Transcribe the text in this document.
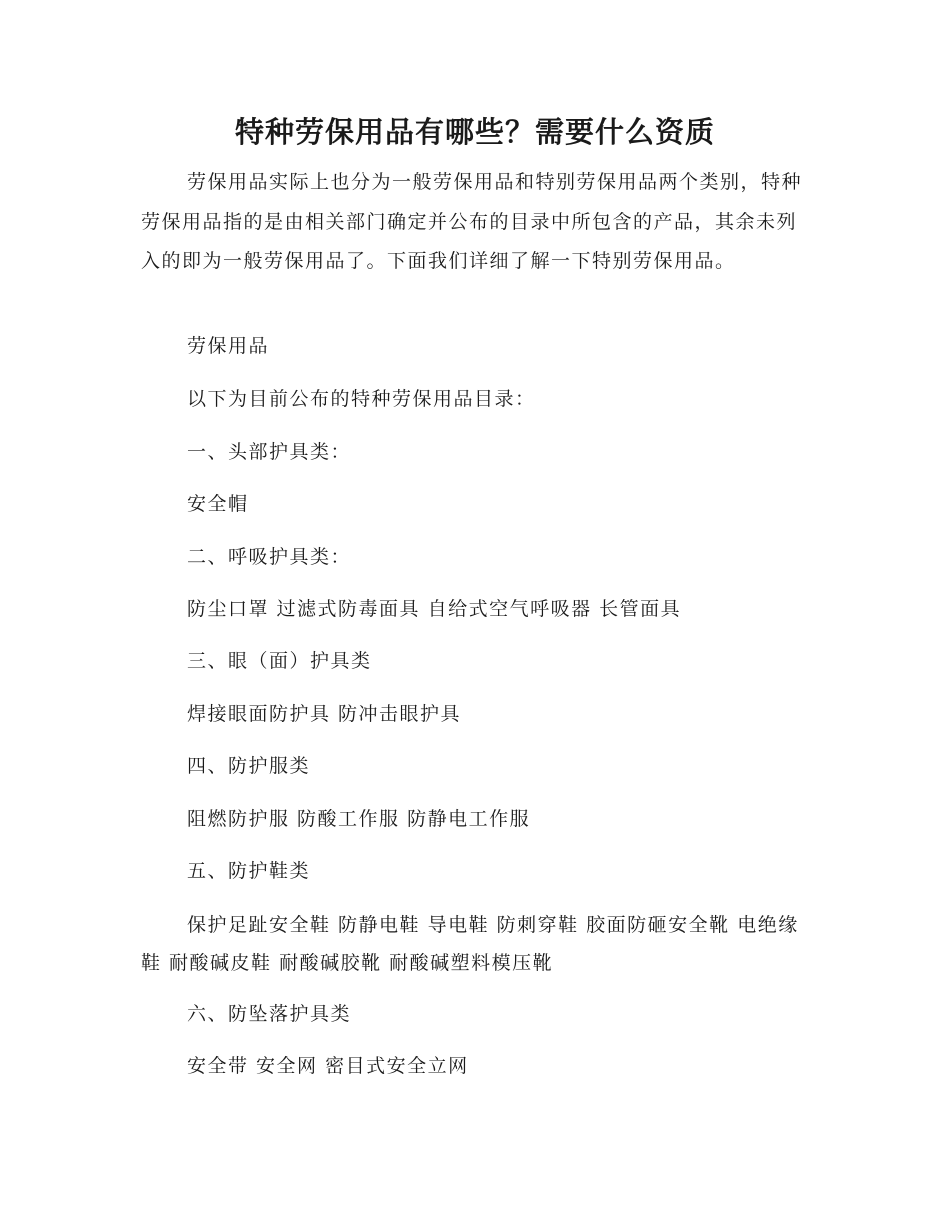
特种劳保用品有哪些？需要什么资质

劳保用品实际上也分为一般劳保用品和特别劳保用品两个类别，特种劳保用品指的是由相关部门确定并公布的目录中所包含的产品，其余未列入的即为一般劳保用品了。下面我们详细了解一下特别劳保用品。

劳保用品

以下为目前公布的特种劳保用品目录：

一、头部护具类：

安全帽

二、呼吸护具类：

防尘口罩 过滤式防毒面具 自给式空气呼吸器 长管面具

三、眼（面）护具类

焊接眼面防护具 防冲击眼护具

四、防护服类

阻燃防护服 防酸工作服 防静电工作服

五、防护鞋类

保护足趾安全鞋 防静电鞋 导电鞋 防刺穿鞋 胶面防砸安全靴 电绝缘鞋 耐酸碱皮鞋 耐酸碱胶靴 耐酸碱塑料模压靴

六、防坠落护具类

安全带 安全网 密目式安全立网
